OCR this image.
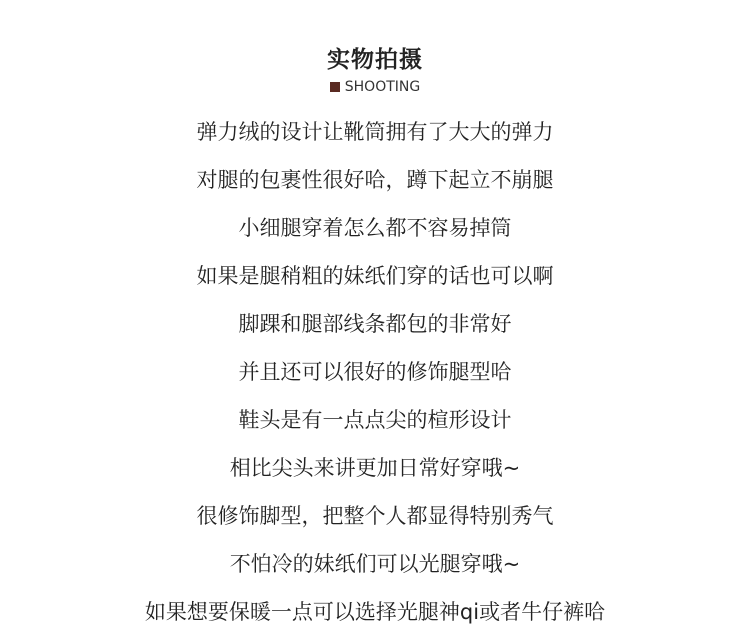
实物拍摄
SHOOTING
弹力绒的设计让靴筒拥有了大大的弹力
对腿的包裹性很好哈，蹲下起立不崩腿
小细腿穿着怎么都不容易掉筒
如果是腿稍粗的妹纸们穿的话也可以啊
脚踝和腿部线条都包的非常好
并且还可以很好的修饰腿型哈
鞋头是有一点点尖的楦形设计
相比尖头来讲更加日常好穿哦~
很修饰脚型，把整个人都显得特别秀气
不怕冷的妹纸们可以光腿穿哦~
如果想要保暖一点可以选择光腿神qi或者牛仔裤哈
